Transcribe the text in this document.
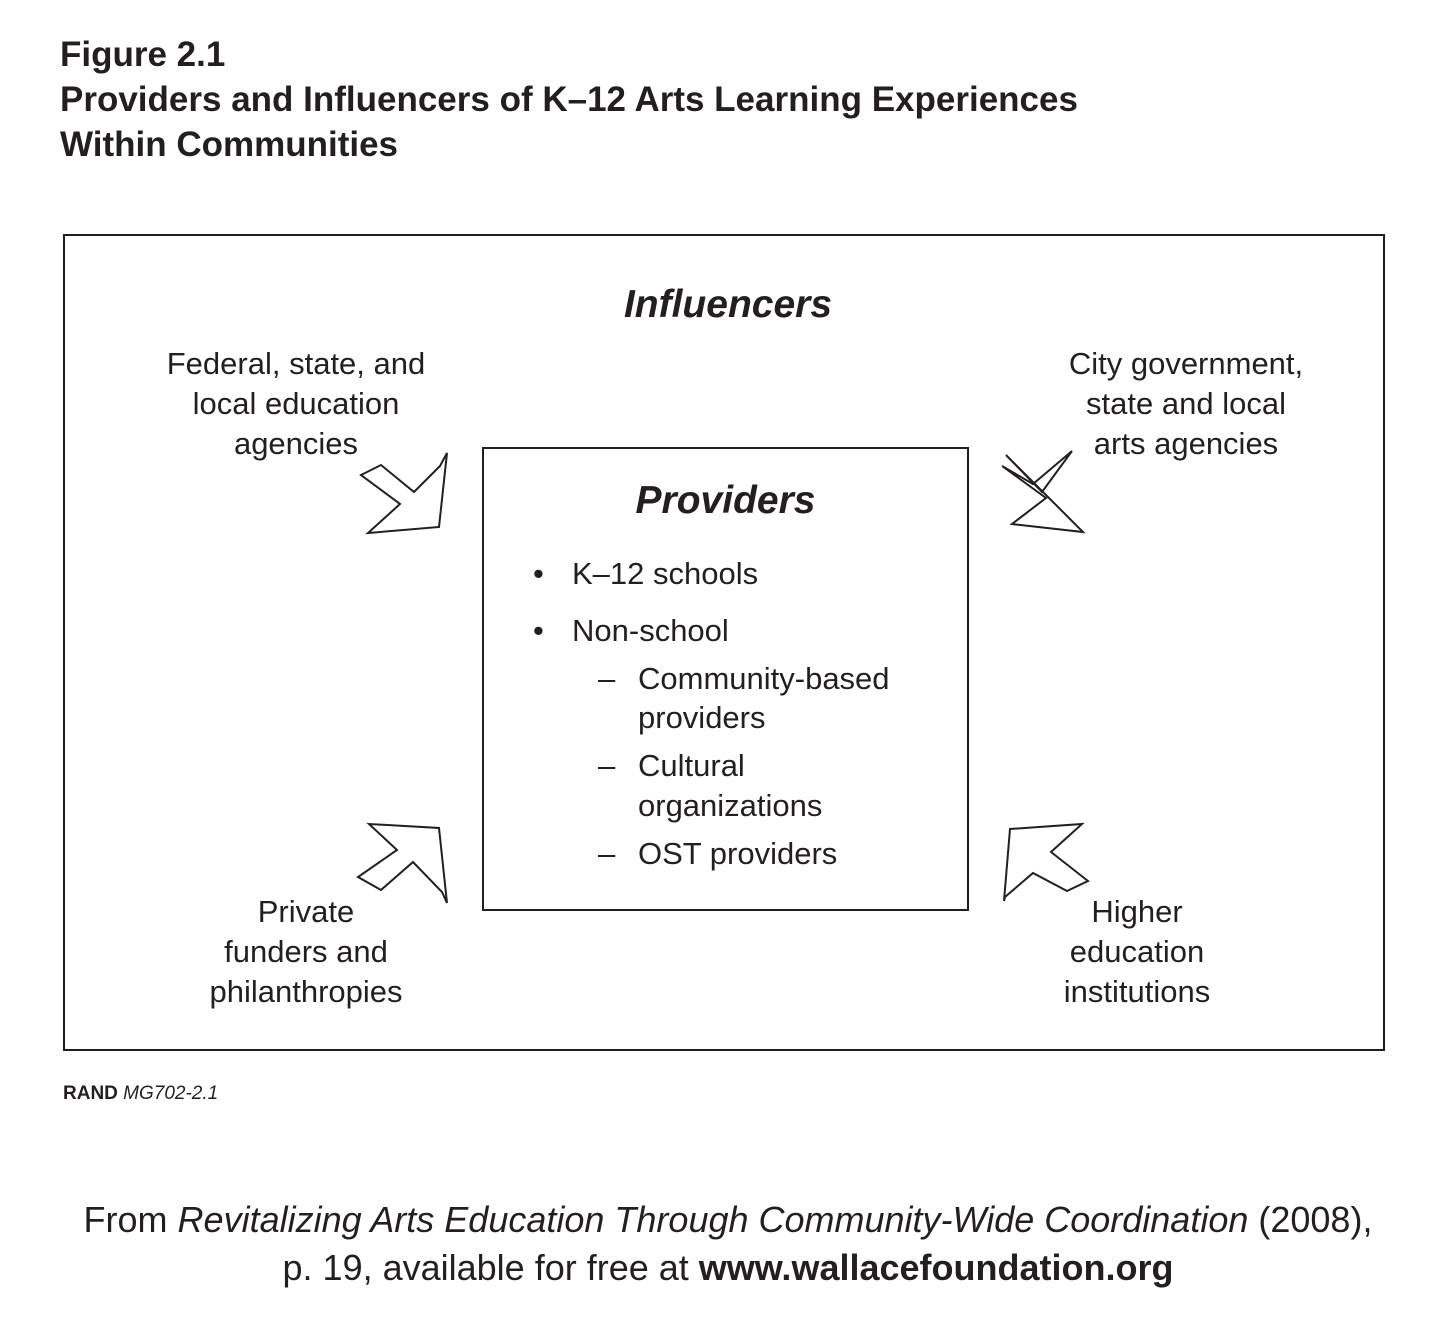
Figure 2.1
Providers and Influencers of K–12 Arts Learning Experiences
Within Communities
Influencers
Federal, state, and
local education
agencies
City government,
state and local
arts agencies
Private
funders and
philanthropies
Higher
education
institutions
Providers
• K–12 schools
• Non-school
– Community-based
providers
– Cultural
organizations
– OST providers
RAND MG702-2.1
From Revitalizing Arts Education Through Community-Wide Coordination (2008),
p. 19, available for free at www.wallacefoundation.org
